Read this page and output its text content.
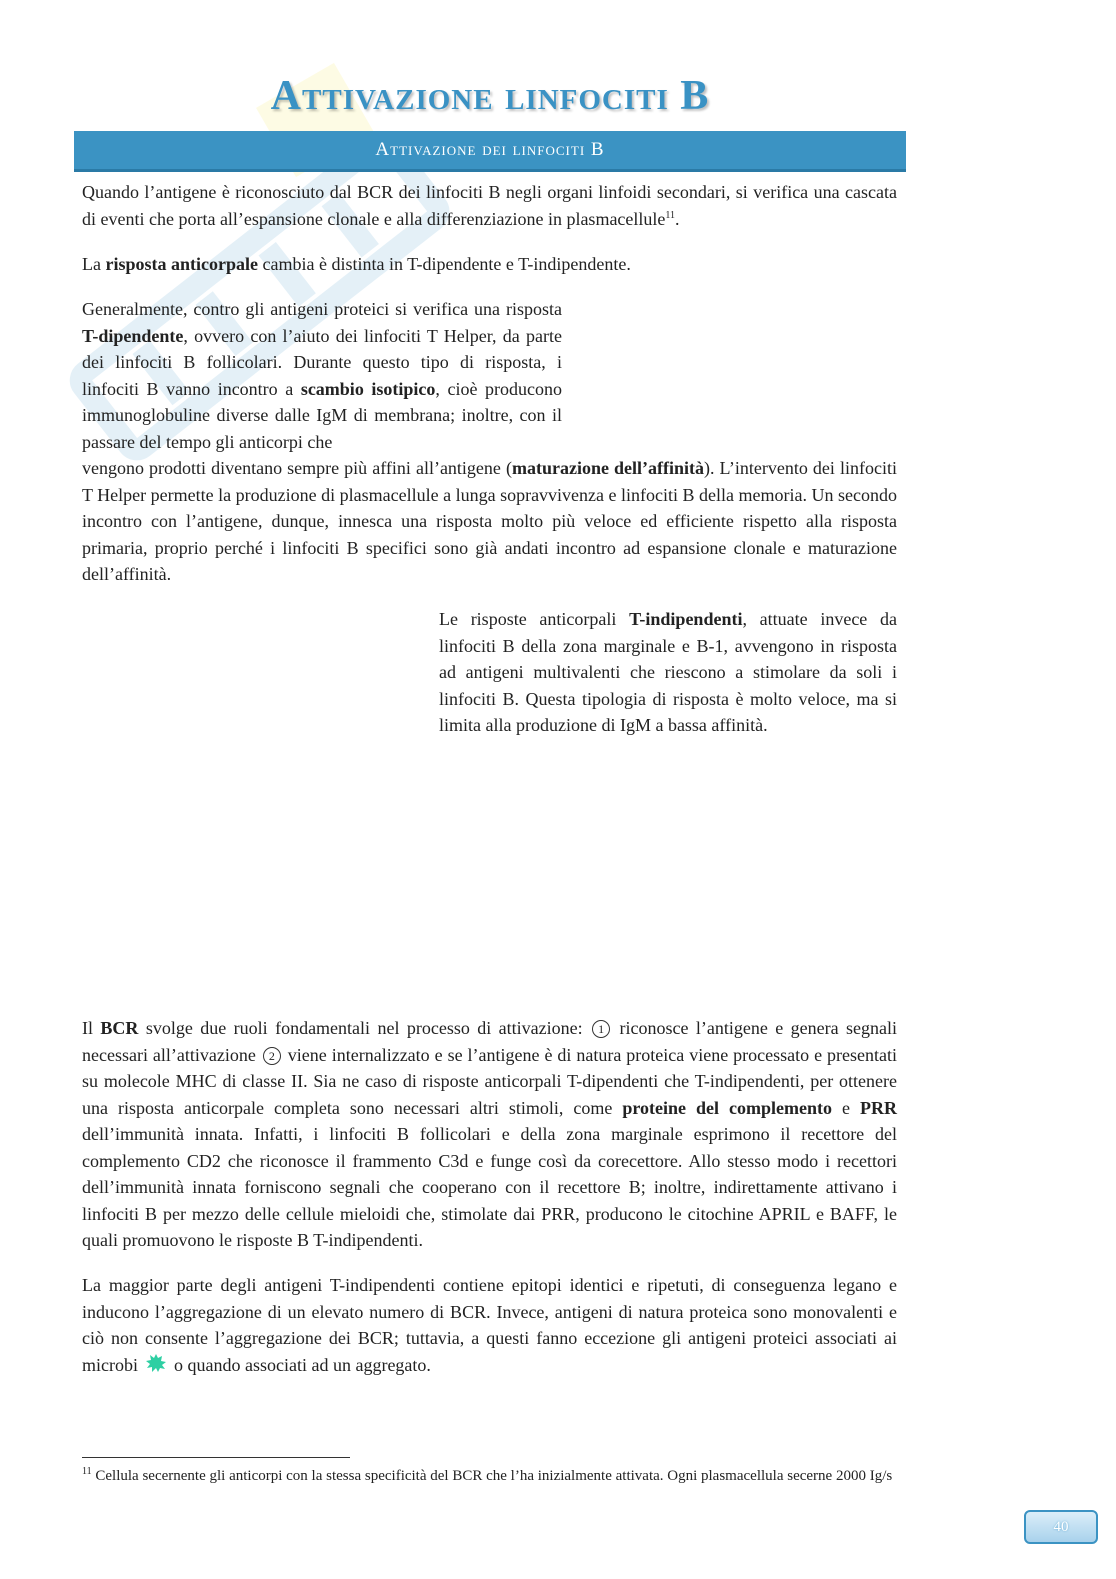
Attivazione linfociti B
Attivazione dei linfociti B

Quando l’antigene è riconosciuto dal BCR dei linfociti B negli organi linfoidi secondari, si verifica una cascata di eventi che porta all’espansione clonale e alla differenziazione in plasmacellule$^{11}$.

La risposta anticorpale cambia è distinta in T-dipendente e T-indipendente.

Generalmente, contro gli antigeni proteici si verifica una risposta T-dipendente, ovvero con l’aiuto dei linfociti T Helper, da parte dei linfociti B follicolari. Durante questo tipo di risposta, i linfociti B vanno incontro a scambio isotipico, cioè producono immunoglobuline diverse dalle IgM di membrana; inoltre, con il passare del tempo gli anticorpi che

vengono prodotti diventano sempre più affini all’antigene (maturazione dell’affinità). L’intervento dei linfociti T Helper permette la produzione di plasmacellule a lunga sopravvivenza e linfociti B della memoria. Un secondo incontro con l’antigene, dunque, innesca una risposta molto più veloce ed efficiente rispetto alla risposta primaria, proprio perché i linfociti B specifici sono già andati incontro ad espansione clonale e maturazione dell’affinità.

Le risposte anticorpali T-indipendenti, attuate invece da linfociti B della zona marginale e B-1, avvengono in risposta ad antigeni multivalenti che riescono a stimolare da soli i linfociti B. Questa tipologia di risposta è molto veloce, ma si limita alla produzione di IgM a bassa affinità.

Il BCR svolge due ruoli fondamentali nel processo di attivazione: 1 riconosce l’antigene e genera segnali necessari all’attivazione 2 viene internalizzato e se l’antigene è di natura proteica viene processato e presentati su molecole MHC di classe II. Sia ne caso di risposte anticorpali T-dipendenti che T-indipendenti, per ottenere una risposta anticorpale completa sono necessari altri stimoli, come proteine del complemento e PRR dell’immunità innata. Infatti, i linfociti B follicolari e della zona marginale esprimono il recettore del complemento CD2 che riconosce il frammento C3d e funge così da corecettore. Allo stesso modo i recettori dell’immunità innata forniscono segnali che cooperano con il recettore B; inoltre, indirettamente attivano i linfociti B per mezzo delle cellule mieloidi che, stimolate dai PRR, producono le citochine APRIL e BAFF, le quali promuovono le risposte B T-indipendenti.

La maggior parte degli antigeni T-indipendenti contiene epitopi identici e ripetuti, di conseguenza legano e inducono l’aggregazione di un elevato numero di BCR. Invece, antigeni di natura proteica sono monovalenti e ciò non consente l’aggregazione dei BCR; tuttavia, a questi fanno eccezione gli antigeni proteici associati ai microbi o quando associati ad un aggregato.

$^{11}$ Cellula secernente gli anticorpi con la stessa specificità del BCR che l’ha inizialmente attivata. Ogni plasmacellula secerne 2000 Ig/s

40
